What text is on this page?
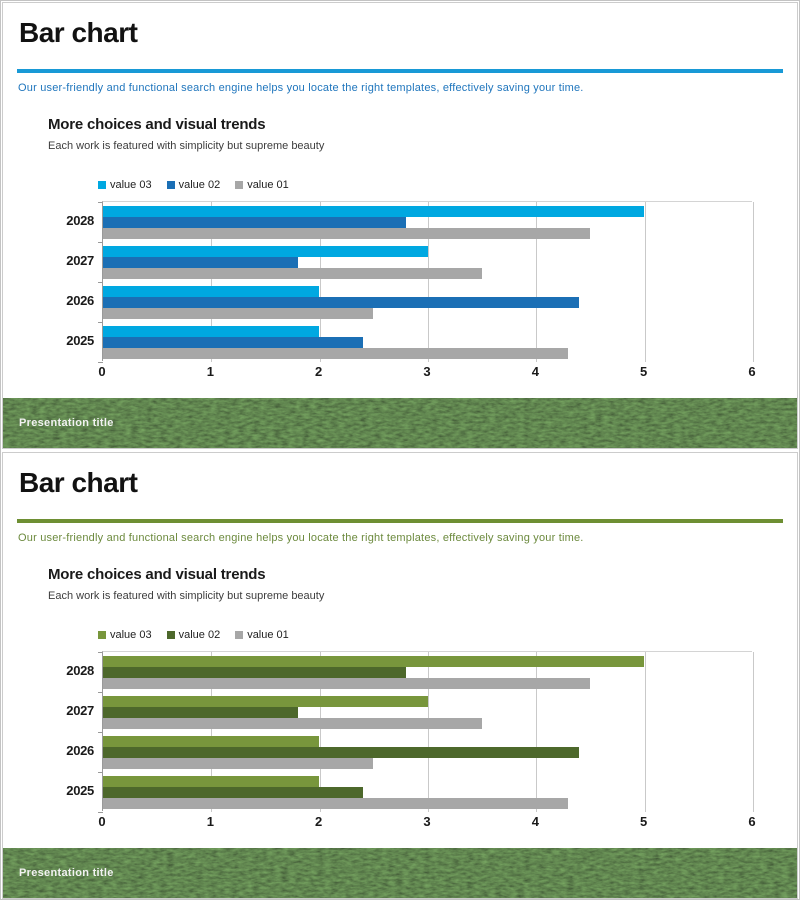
Bar chart

Our user-friendly and functional search engine helps you locate the right templates, effectively saving your time.

More choices and visual trends

Each work is featured with simplicity but supreme beauty

value 03 value 02 value 01
0	1	2	3	4	5	6
2028
2027
2026
2025
Presentation title
Bar chart

Our user-friendly and functional search engine helps you locate the right templates, effectively saving your time.

More choices and visual trends

Each work is featured with simplicity but supreme beauty

value 03 value 02 value 01
0	1	2	3	4	5	6
2028
2027
2026
2025
Presentation title
